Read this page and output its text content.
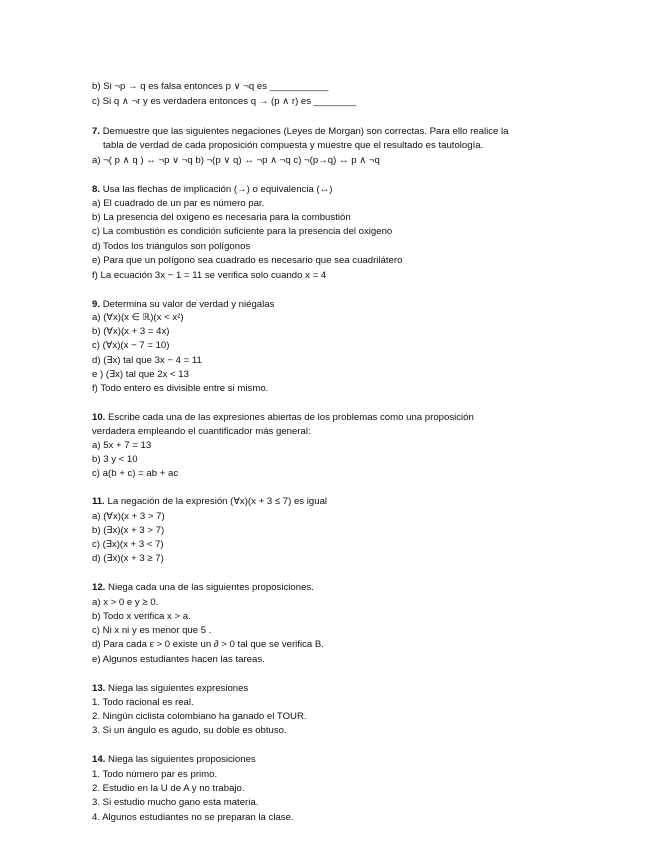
b) Si ¬p → q es falsa entonces p ∨ ¬q es ___________
c) Si q ∧ ¬r y es verdadera entonces q → (p ∧ r) es ________
7. Demuestre que las siguientes negaciones (Leyes de Morgan) son correctas. Para ello realice la
tabla de verdad de cada proposición compuesta y muestre que el resultado es tautología.
a) ¬( p ∧ q ) ↔ ¬p ∨ ¬q b) ¬(p ∨ q) ↔ ¬p ∧ ¬q c) ¬(p→q) ↔ p ∧ ¬q
8. Usa las flechas de implicación (→) o equivalencia (↔)
a) El cuadrado de un par es número par.
b) La presencia del oxigeno es necesaria para la combustión
c) La combustión es condición suficiente para la presencia del oxigeno
d) Todos los triángulos son polígonos
e) Para que un polígono sea cuadrado es necesario que sea cuadrilátero
f) La ecuación 3x − 1 = 11 se verifica solo cuando x = 4
9. Determina su valor de verdad y niégalas
a) (∀x)(x ∈ ℝ)(x < x²)
b) (∀x)(x + 3 = 4x)
c) (∀x)(x − 7 = 10)
d) (∃x) tal que 3x − 4 = 11
e ) (∃x) tal que 2x < 13
f) Todo entero es divisible entre si mismo.
10. Escribe cada una de las expresiones abiertas de los problemas como una proposición
verdadera empleando el cuantificador más general:
a) 5x + 7 = 13
b) 3 y < 10
c) a(b + c) = ab + ac
11. La negación de la expresión (∀x)(x + 3 ≤ 7) es igual
a) (∀x)(x + 3 > 7)
b) (∃x)(x + 3 > 7)
c) (∃x)(x + 3 < 7)
d) (∃x)(x + 3 ≥ 7)
12. Niega cada una de las siguientes proposiciones.
a) x > 0 e y ≥ 0.
b) Todo x verifica x > a.
c) Ni x ni y es menor que 5 .
d) Para cada ε > 0 existe un ∂ > 0 tal que se verifica B.
e) Algunos estudiantes hacen las tareas.
13. Niega las siguientes expresiones
1. Todo racional es real.
2. Ningún ciclista colombiano ha ganado el TOUR.
3. Si un ángulo es agudo, su doble es obtuso.
14. Niega las siguientes proposiciones
1. Todo número par es primo.
2. Estudio en la U de A y no trabajo.
3. Si estudio mucho gano esta materia.
4. Algunos estudiantes no se preparan la clase.
